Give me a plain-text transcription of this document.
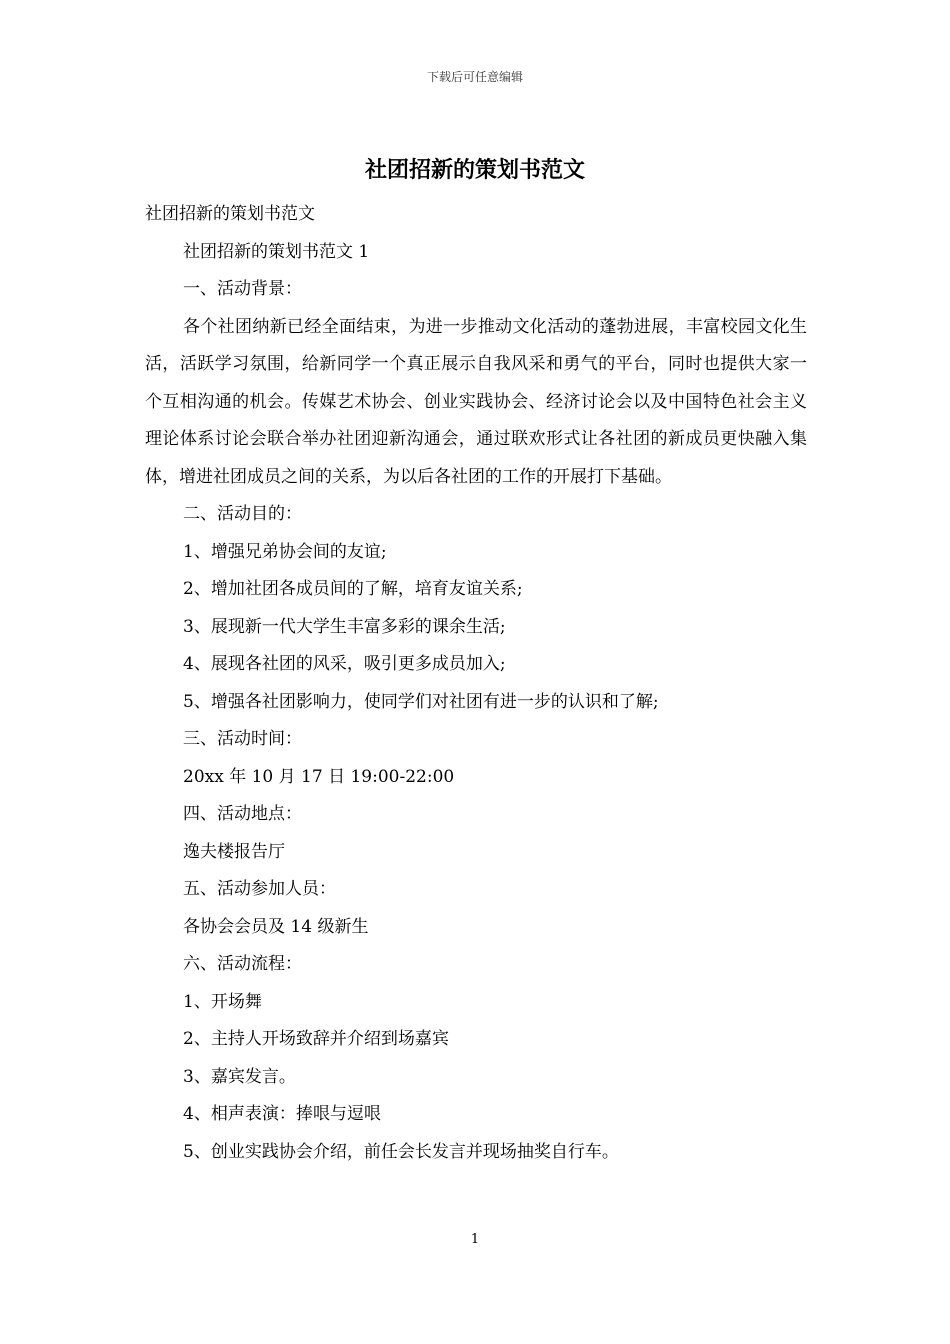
下载后可任意编辑
社团招新的策划书范文

社团招新的策划书范文

社团招新的策划书范文 1

一、活动背景：

各个社团纳新已经全面结束，为进一步推动文化活动的蓬勃进展，丰富校园文化生活，活跃学习氛围，给新同学一个真正展示自我风采和勇气的平台，同时也提供大家一个互相沟通的机会。传媒艺术协会、创业实践协会、经济讨论会以及中国特色社会主义理论体系讨论会联合举办社团迎新沟通会，通过联欢形式让各社团的新成员更快融入集体，增进社团成员之间的关系，为以后各社团的工作的开展打下基础。

二、活动目的：

1、增强兄弟协会间的友谊;

2、增加社团各成员间的了解，培育友谊关系;

3、展现新一代大学生丰富多彩的课余生活;

4、展现各社团的风采，吸引更多成员加入;

5、增强各社团影响力，使同学们对社团有进一步的认识和了解;

三、活动时间：

20xx 年 10 月 17 日 19:00-22:00

四、活动地点：

逸夫楼报告厅

五、活动参加人员：

各协会会员及 14 级新生

六、活动流程：

1、开场舞

2、主持人开场致辞并介绍到场嘉宾

3、嘉宾发言。

4、相声表演：捧哏与逗哏

5、创业实践协会介绍，前任会长发言并现场抽奖自行车。

1
